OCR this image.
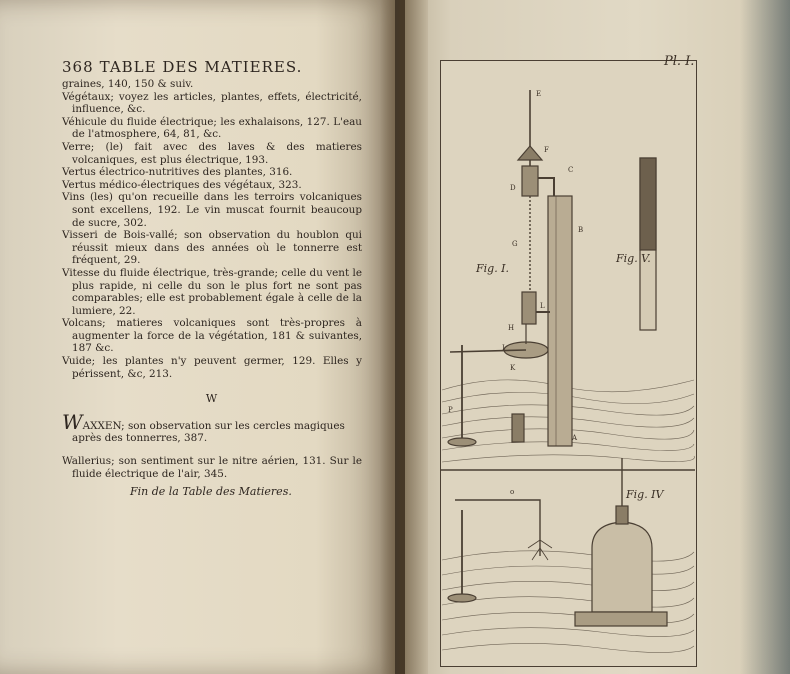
368 TABLE DES MATIERES.

graines, 140, 150 & suiv.

Végétaux; voyez les articles, plantes, effets, électricité, influence, &c.

Véhicule du fluide électrique; les exhalaisons, 127. L'eau de l'atmosphere, 64, 81, &c.

Verre; (le) fait avec des laves & des matieres volcaniques, est plus électrique, 193.

Vertus électrico-nutritives des plantes, 316.

Vertus médico-électriques des végétaux, 323.

Vins (les) qu'on recueille dans les terroirs volcaniques sont excellens, 192. Le vin muscat fournit beaucoup de sucre, 302.

Visseri de Bois-vallé; son observation du houblon qui réussit mieux dans des années où le tonnerre est fréquent, 29.

Vitesse du fluide électrique, très-grande; celle du vent le plus rapide, ni celle du son le plus fort ne sont pas comparables; elle est probablement égale à celle de la lumiere, 22.

Volcans; matieres volcaniques sont très-propres à augmenter la force de la végétation, 181 & suivantes, 187 &c.

Vuide; les plantes n'y peuvent germer, 129. Elles y périssent, &c, 213.

W

WAXXEN; son observation sur les cercles magiques après des tonnerres, 387.

Wallerius; son sentiment sur le nitre aérien, 131. Sur le fluide électrique de l'air, 345.

Fin de la Table des Matieres.
Pl. I.
Fig. I.
Fig. V.
Fig. IV
E
F
C
D
B
G
L
H
I
K
A
P
o
